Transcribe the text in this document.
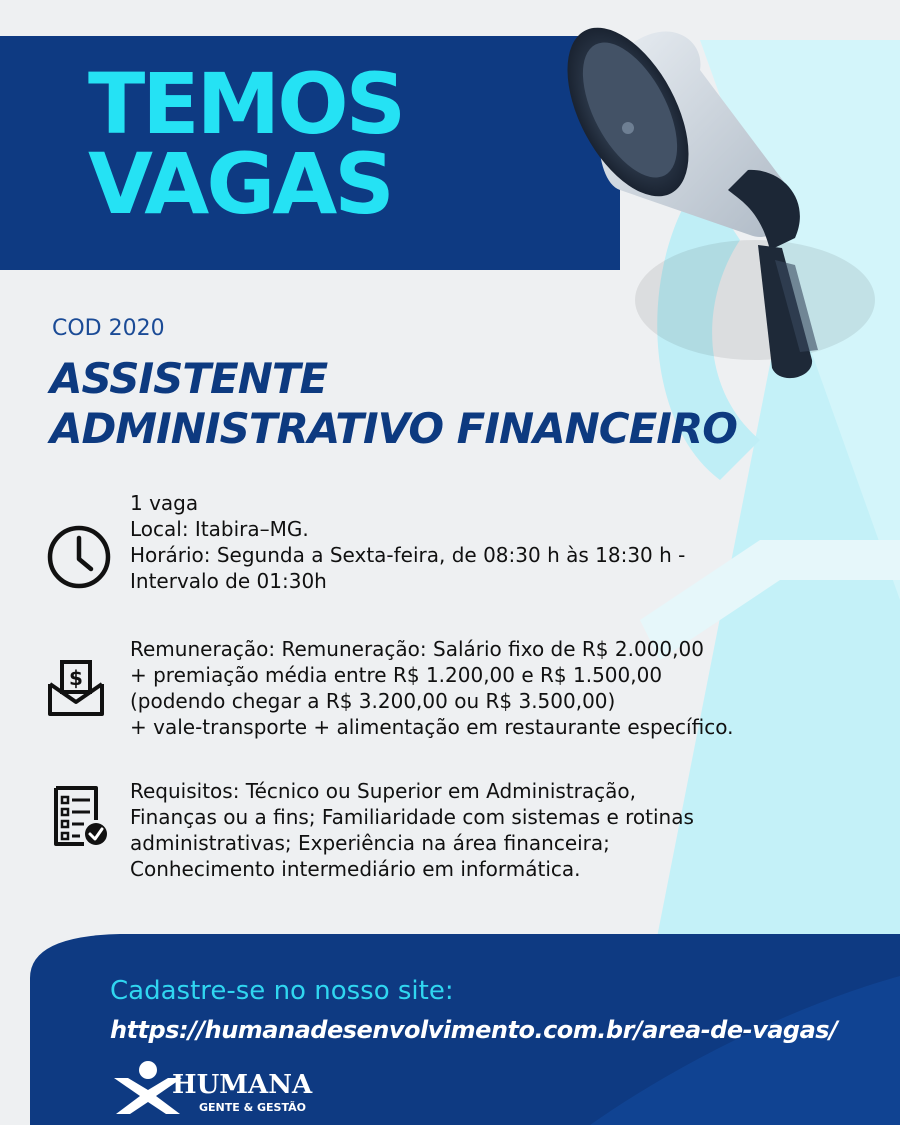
TEMOS
VAGAS
COD 2020
ASSISTENTE
ADMINISTRATIVO FINANCEIRO
1 vaga
Local: Itabira–MG.
Horário: Segunda a Sexta-feira, de 08:30 h às 18:30 h -
Intervalo de 01:30h
$
Remuneração: Remuneração: Salário fixo de R$ 2.000,00
+ premiação média entre R$ 1.200,00 e R$ 1.500,00
(podendo chegar a R$ 3.200,00 ou R$ 3.500,00)
+ vale-transporte + alimentação em restaurante específico.
Requisitos: Técnico ou Superior em Administração,
Finanças ou a fins; Familiaridade com sistemas e rotinas
administrativas; Experiência na área financeira;
Conhecimento intermediário em informática.
Cadastre-se no nosso site:
https://humanadesenvolvimento.com.br/area-de-vagas/
HUMANA
GENTE & GESTÃO
